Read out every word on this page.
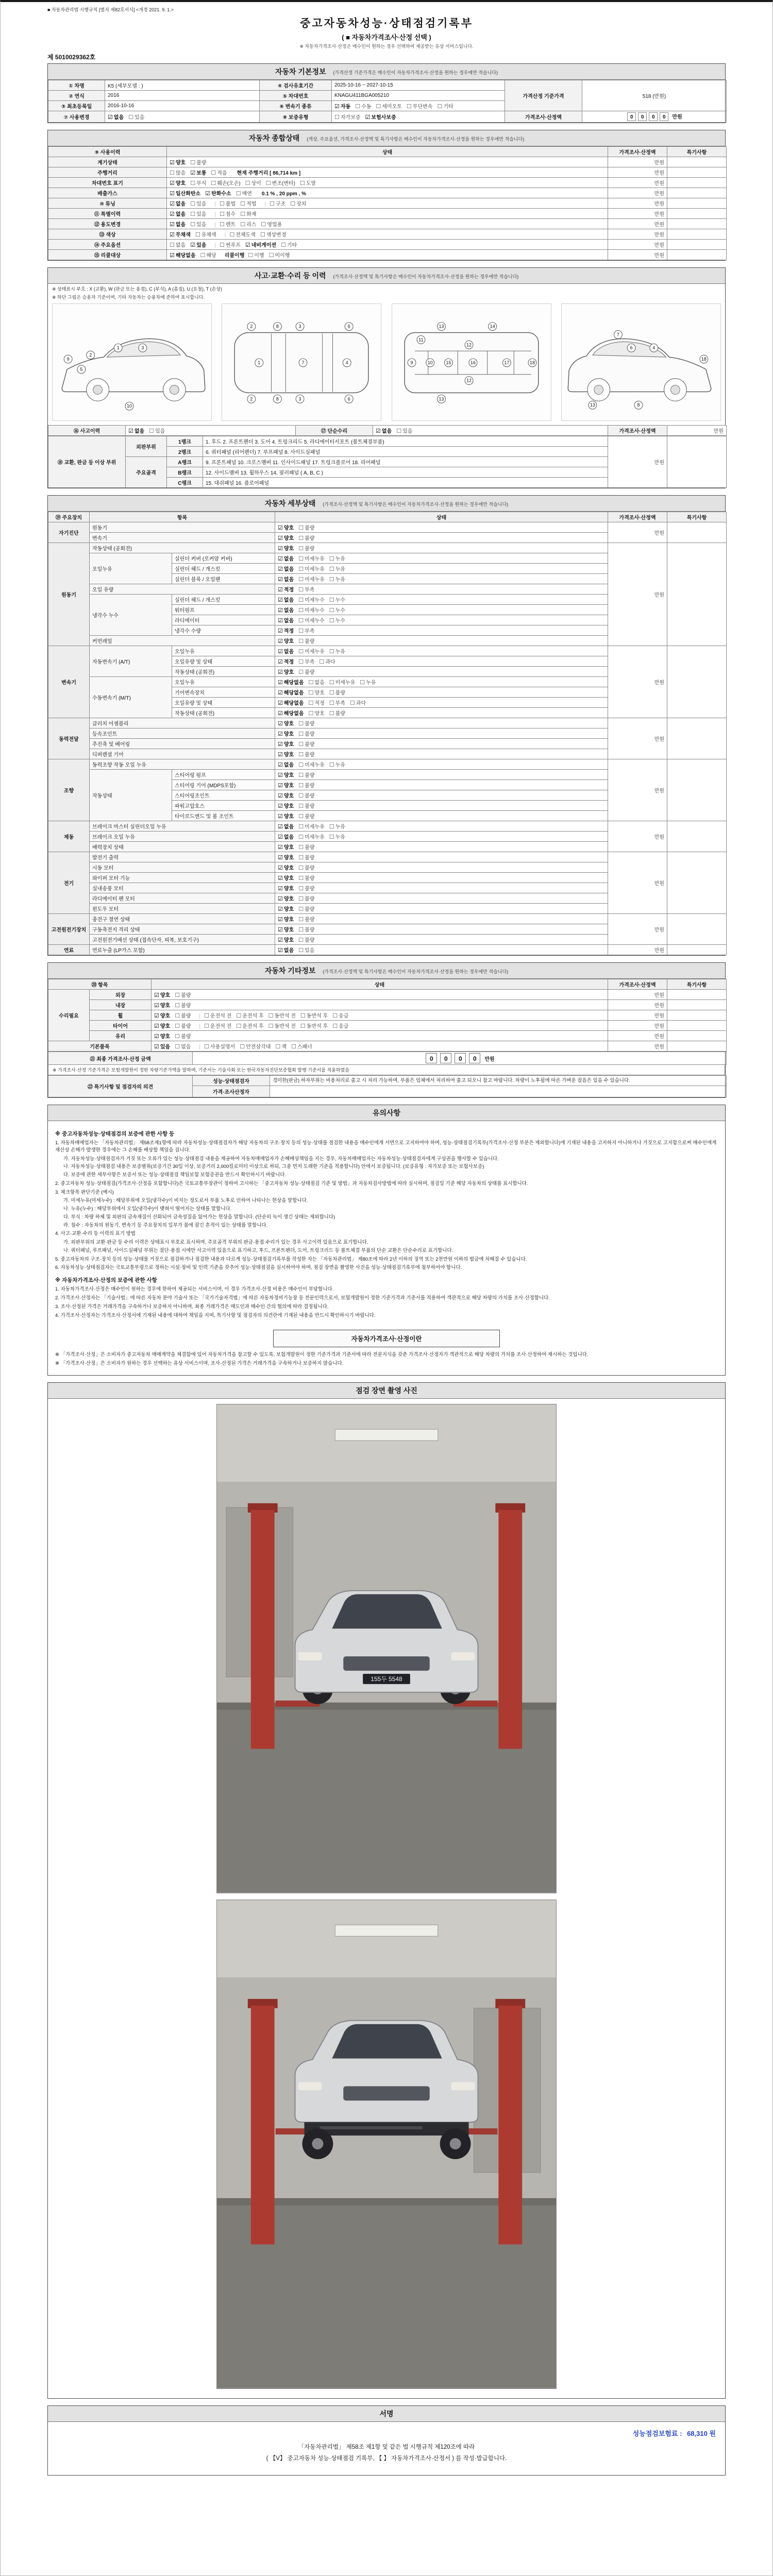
■ 자동차관리법 시행규칙 [별지 제82호서식] <개정 2021. 9. 1.>
중고자동차성능·상태점검기록부
( ■ 자동차가격조사·산정 선택 )
※ 자동차가격조사·산정은 매수인이 원하는 경우 선택하여 제공받는 유상 서비스입니다.
제 5010029362호
자동차 기본정보 (가격산정 기준가격은 매수인이 자동차가격조사·산정을 원하는 경우에만 적습니다)
① 차명	K5 (세부모델 : )	④ 검사유효기간	2025-10-16 ~ 2027-10-15	가격산정 기준가격	518 (만원)
② 연식	2016	⑤ 차대번호	KNAGU411BGA005210		
③ 최초등록일	2016-10-16	⑥ 변속기 종류	☑ 자동 ☐ 수동 ☐ 세미오토 ☐ 무단변속 ☐ 기타		
⑦ 사용변경	☑ 없음 ☐ 있음	⑧ 보증유형	☐ 자가보증 ☑ 보험사보증	가격조사·산정액	0 0 0 0 만원
자동차 종합상태 (색상, 주요옵션, 가격조사·산정액 및 특기사항은 매수인이 자동차가격조사·산정을 원하는 경우에만 적습니다)
⑨ 사용이력	상태	가격조사·산정액	특기사항
계기상태	☑ 양호 ☐ 불량	만원	
주행거리	☐ 많음 ☑ 보통 ☐ 적음 현재 주행거리 [ 86,714 km ]	만원	
차대번호 표기	☑ 양호 ☐ 부식 ☐ 훼손(오손) ☐ 상이 ☐ 변조(변타) ☐ 도말	만원	
배출가스	☑ 일산화탄소 ☑ 탄화수소 ☐ 매연 0.1 % , 20 ppm , %	만원	
⑩ 튜닝	☑ 없음 ☐ 있음 | ☐ 불법 ☐ 적법 | ☐ 구조 ☐ 장치	만원	
⑪ 특별이력	☑ 없음 ☐ 있음 | ☐ 침수 ☐ 화재	만원	
⑫ 용도변경	☑ 없음 ☐ 있음 | ☐ 렌트 ☐ 리스 ☐ 영업용	만원	
⑬ 색상	☑ 무채색 ☐ 유채색 | ☐ 전체도색 ☐ 색상변경	만원	
⑭ 주요옵션	☐ 없음 ☑ 있음 | ☐ 썬루프 ☑ 네비게이션 ☐ 기타	만원	
⑮ 리콜대상	☑ 해당없음 ☐ 해당 리콜이행 ☐ 이행 ☐ 미이행	만원	
사고·교환·수리 등 이력 (가격조사·산정액 및 특기사항은 매수인이 자동차가격조사·산정을 원하는 경우에만 적습니다)
※ 상태표시 부호 : X (교환), W (판금 또는 용접), C (부식), A (흠집), U (요철), T (손상)
※ 하단 그림은 승용차 기준이며, 기타 자동차는 승용차에 준하여 표시합니다.
9
5
2
1	3
10
2
2
1
8
8
3
3
7
6
6
4	9
11
10
13
13
12
12
15	16
14
17	18
7
6	4
18
13	8
⑯ 사고이력	☑ 없음 ☐ 있음	⑰ 단순수리	☑ 없음 ☐ 있음	가격조사·산정액	만원
⑱ 교환, 판금 등 이상 부위	외판부위	1랭크	1. 후드 2. 프론트펜더 3. 도어 4. 트렁크리드 5. 라디에이터서포트 (볼트체결부품)	만원	
		2랭크	6. 쿼터패널 (리어펜더) 7. 루프패널 8. 사이드실패널		
	주요골격	A랭크	9. 프론트패널 10. 크로스멤버 11. 인사이드패널 17. 트렁크플로어 18. 리어패널		
		B랭크	12. 사이드멤버 13. 휠하우스 14. 필러패널 ( A, B, C )		
		C랭크	15. 대쉬패널 16. 플로어패널		
자동차 세부상태 (가격조사·산정액 및 특기사항은 매수인이 자동차가격조사·산정을 원하는 경우에만 적습니다)
⑲ 주요장치	항목		상태	가격조사·산정액	특기사항
자기진단	원동기		☑ 양호 ☐ 불량	만원	
	변속기		☑ 양호 ☐ 불량		
원동기	작동상태 (공회전)		☑ 양호 ☐ 불량	만원	
	오일누유	실린더 커버 (로커암 커버)	☑ 없음 ☐ 미세누유 ☐ 누유		
		실린더 헤드 / 개스킷	☑ 없음 ☐ 미세누유 ☐ 누유		
		실린더 블록 / 오일팬	☑ 없음 ☐ 미세누유 ☐ 누유		
	오일 유량		☑ 적정 ☐ 부족		
	냉각수 누수	실린더 헤드 / 개스킷	☑ 없음 ☐ 미세누수 ☐ 누수		
		워터펌프	☑ 없음 ☐ 미세누수 ☐ 누수		
		라디에이터	☑ 없음 ☐ 미세누수 ☐ 누수		
		냉각수 수량	☑ 적정 ☐ 부족		
	커먼레일		☑ 양호 ☐ 불량		
변속기	자동변속기 (A/T)	오일누유	☑ 없음 ☐ 미세누유 ☐ 누유	만원	
		오일유량 및 상태	☑ 적정 ☐ 부족 ☐ 과다		
		작동상태 (공회전)	☑ 양호 ☐ 불량		
	수동변속기 (M/T)	오일누유	☑ 해당없음 ☐ 없음 ☐ 미세누유 ☐ 누유		
		기어변속장치	☑ 해당없음 ☐ 양호 ☐ 불량		
		오일유량 및 상태	☑ 해당없음 ☐ 적정 ☐ 부족 ☐ 과다		
		작동상태 (공회전)	☑ 해당없음 ☐ 양호 ☐ 불량		
동력전달	클러치 어셈블리		☑ 양호 ☐ 불량	만원	
	등속조인트		☑ 양호 ☐ 불량		
	추진축 및 베어링		☑ 양호 ☐ 불량		
	디퍼렌셜 기어		☑ 양호 ☐ 불량		
조향	동력조향 작동 오일 누유		☑ 없음 ☐ 미세누유 ☐ 누유	만원	
	작동상태	스티어링 펌프	☑ 양호 ☐ 불량		
		스티어링 기어 (MDPS포함)	☑ 양호 ☐ 불량		
		스티어링조인트	☑ 양호 ☐ 불량		
		파워고압호스	☑ 양호 ☐ 불량		
		타이로드엔드 및 볼 조인트	☑ 양호 ☐ 불량		
제동	브레이크 마스터 실린더오일 누유		☑ 없음 ☐ 미세누유 ☐ 누유	만원	
	브레이크 오일 누유		☑ 없음 ☐ 미세누유 ☐ 누유		
	배력장치 상태		☑ 양호 ☐ 불량		
전기	발전기 출력		☑ 양호 ☐ 불량	만원	
	시동 모터		☑ 양호 ☐ 불량		
	와이퍼 모터 기능		☑ 양호 ☐ 불량		
	실내송풍 모터		☑ 양호 ☐ 불량		
	라디에이터 팬 모터		☑ 양호 ☐ 불량		
	윈도우 모터		☑ 양호 ☐ 불량		
고전원전기장치	충전구 절연 상태		☑ 양호 ☐ 불량	만원	
	구동축전지 격리 상태		☑ 양호 ☐ 불량		
	고전원전기배선 상태 (접속단자, 피복, 보호기구)		☑ 양호 ☐ 불량		
연료	연료누출 (LP가스 포함)		☑ 없음 ☐ 있음	만원	
자동차 기타정보 (가격조사·산정액 및 특기사항은 매수인이 자동차가격조사·산정을 원하는 경우에만 적습니다)
⑳ 항목		상태	가격조사·산정액	특기사항
수리필요	외장	☑ 양호 ☐ 불량	만원	
	내장	☑ 양호 ☐ 불량	만원	
	휠	☑ 양호 ☐ 불량 | ☐ 운전석 전 ☐ 운전석 후 ☐ 동반석 전 ☐ 동반석 후 ☐ 응급	만원	
	타이어	☑ 양호 ☐ 불량 | ☐ 운전석 전 ☐ 운전석 후 ☐ 동반석 전 ☐ 동반석 후 ☐ 응급	만원	
	유리	☑ 양호 ☐ 불량	만원	
기본품목		☑ 있음 ☐ 없음 | ☐ 사용설명서 ☐ 안전삼각대 ☐ 잭 ☐ 스패너	만원	
㉑ 최종 가격조사·산정 금액	0 0 0 0 만원
※ 가격조사·산정 기준가격은 보험개발원이 정한 차량기준가액을 말하며, 기준서는 기술사회 또는 한국자동차진단보증협회 발행 기준서를 적용하였음
㉒ 특기사항 및 점검자의 의견	성능·상태점검자	경미한(판금) 하자부위는 비용처리로 출고 시 처리 가능하며, 부품은 업체에서 처리하여 출고 되오니 참고 바랍니다. 차량이 노후됨에 따른 가벼운 잡음은 있을 수 있습니다.
	가격·조사산정자	
유의사항
※ 중고자동차성능·상태점검의 보증에 관한 사항 등
1. 자동차매매업자는 「자동차관리법」 제58조제1항에 따라 자동차성능·상태점검자가 해당 자동차의 구조·장치 등의 성능·상태를 점검한 내용을 매수인에게 서면으로 고지하여야 하며, 성능·상태점검기록부(가격조사·산정 부분은 제외합니다)에 기재된 내용을 고지하지 아니하거나 거짓으로 고지함으로써 매수인에게 재산상 손해가 발생한 경우에는 그 손해를 배상할 책임을 집니다.
가. 자동차성능·상태점검자가 거짓 또는 오류가 있는 성능·상태점검 내용을 제공하여 자동차매매업자가 손해배상책임을 지는 경우, 자동차매매업자는 자동차성능·상태점검자에게 구상권을 행사할 수 있습니다.
나. 자동차성능·상태점검 내용은 보증범위(보증기간 30일 이상, 보증거리 2,000킬로미터 이상으로 하되, 그중 먼저 도래한 기준을 적용합니다) 안에서 보증됩니다. (보증유형 : 자가보증 또는 보험사보증)
다. 보증에 관한 세부사항은 보증서 또는 성능·상태점검 책임보험 보험증권을 반드시 확인하시기 바랍니다.
2. 중고자동차 성능·상태점검(가격조사·산정을 포함합니다)은 국토교통부장관이 정하여 고시하는 「중고자동차 성능·상태점검 기준 및 방법」과 자동차검사방법에 따라 실시하며, 점검일 기준 해당 자동차의 상태를 표시합니다.
3. 체크항목 판단기준 (예시)
가. 미세누유(미세누수) : 해당부위에 오일(냉각수)이 비치는 정도로서 부품 노후로 인하여 나타나는 현상을 말합니다.
나. 누유(누수) : 해당부위에서 오일(냉각수)이 맺혀서 떨어지는 상태를 말합니다.
다. 부식 : 차량 하체 및 외판의 금속재질이 산화되어 금속성질을 잃어가는 현상을 말합니다. (단순히 녹이 생긴 상태는 제외합니다)
라. 침수 : 자동차의 원동기, 변속기 등 주요장치의 일부가 물에 잠긴 흔적이 있는 상태를 말합니다.
4. 사고·교환·수리 등 이력의 표기 방법
가. 외판부위의 교환·판금 등 수리 이력은 상태표시 부호로 표시하며, 주요골격 부위의 판금·용접 수리가 있는 경우 사고이력 있음으로 표기합니다.
나. 쿼터패널, 루프패널, 사이드실패널 부위는 절단·용접 시에만 사고이력 있음으로 표기하고, 후드, 프론트펜더, 도어, 트렁크리드 등 볼트체결 부품의 단순 교환은 단순수리로 표기합니다.
5. 중고자동차의 구조·장치 등의 성능·상태를 거짓으로 점검하거나 점검한 내용과 다르게 성능·상태점검기록부를 작성한 자는 「자동차관리법」 제80조에 따라 2년 이하의 징역 또는 2천만원 이하의 벌금에 처해질 수 있습니다.
6. 자동차성능·상태점검자는 국토교통부령으로 정하는 시설·장비 및 인력 기준을 갖추어 성능·상태점검을 실시하여야 하며, 점검 장면을 촬영한 사진을 성능·상태점검기록부에 첨부하여야 합니다.
※ 자동차가격조사·산정의 보증에 관한 사항
1. 자동차가격조사·산정은 매수인이 원하는 경우에 한하여 제공되는 서비스이며, 이 경우 가격조사·산정 비용은 매수인이 부담합니다.
2. 가격조사·산정자는 「기술사법」에 따른 자동차 분야 기술사 또는 「국가기술자격법」에 따른 자동차정비기능장 등 전문인력으로서, 보험개발원이 정한 기준가격과 기준서를 적용하여 객관적으로 해당 차량의 가치를 조사·산정합니다.
3. 조사·산정된 가격은 거래가격을 구속하거나 보증하지 아니하며, 최종 거래가격은 매도인과 매수인 간의 협의에 따라 결정됩니다.
4. 가격조사·산정자는 가격조사·산정서에 기재된 내용에 대하여 책임을 지며, 특기사항 및 점검자의 의견란에 기재된 내용을 반드시 확인하시기 바랍니다.
자동차가격조사·산정이란
※ 「가격조사·산정」은 소비자가 중고자동차 매매계약을 체결함에 있어 자동차가격을 참고할 수 있도록, 보험개발원이 정한 기준가격과 기준서에 따라 전문지식을 갖춘 가격조사·산정자가 객관적으로 해당 차량의 가치를 조사·산정하여 제시하는 것입니다.
※ 「가격조사·산정」은 소비자가 원하는 경우 선택하는 유상 서비스이며, 조사·산정된 가격은 거래가격을 구속하거나 보증하지 않습니다.
점검 장면 촬영 사진
155두 5548
서명
성능점검보험료 : 68,310 원
「자동차관리법」 제58조 제1항 및 같은 법 시행규칙 제120조에 따라
( 【V】 중고자동차 성능·상태점검 기록부, 【 】 자동차가격조사·산정서 ) 를 작성·발급합니다.
